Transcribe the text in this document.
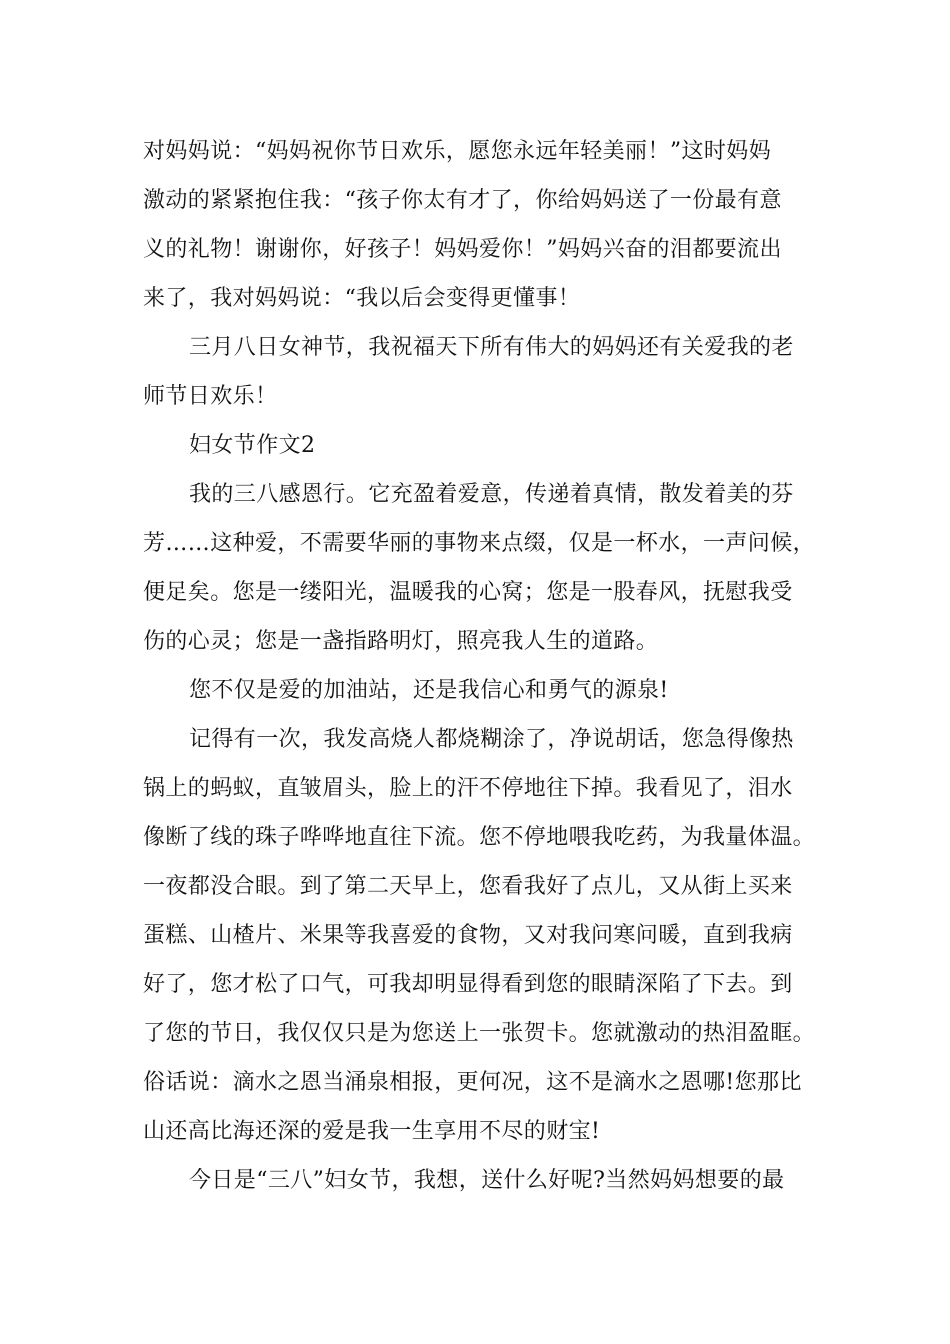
对妈妈说：“妈妈祝你节日欢乐，愿您永远年轻美丽！”这时妈妈
激动的紧紧抱住我：“孩子你太有才了，你给妈妈送了一份最有意
义的礼物！谢谢你，好孩子！妈妈爱你！”妈妈兴奋的泪都要流出
来了，我对妈妈说：“我以后会变得更懂事！
三月八日女神节，我祝福天下所有伟大的妈妈还有关爱我的老
师节日欢乐！
妇女节作文2
我的三八感恩行。它充盈着爱意，传递着真情，散发着美的芬
芳……这种爱，不需要华丽的事物来点缀，仅是一杯水，一声问候，
便足矣。您是一缕阳光，温暖我的心窝；您是一股春风，抚慰我受
伤的心灵；您是一盏指路明灯，照亮我人生的道路。
您不仅是爱的加油站，还是我信心和勇气的源泉!
记得有一次，我发高烧人都烧糊涂了，净说胡话，您急得像热
锅上的蚂蚁，直皱眉头，脸上的汗不停地往下掉。我看见了，泪水
像断了线的珠子哗哗地直往下流。您不停地喂我吃药，为我量体温。
一夜都没合眼。到了第二天早上，您看我好了点儿，又从街上买来
蛋糕、山楂片、米果等我喜爱的食物，又对我问寒问暖，直到我病
好了，您才松了口气，可我却明显得看到您的眼睛深陷了下去。到
了您的节日，我仅仅只是为您送上一张贺卡。您就激动的热泪盈眶。
俗话说：滴水之恩当涌泉相报，更何况，这不是滴水之恩哪!您那比
山还高比海还深的爱是我一生享用不尽的财宝!
今日是“三八”妇女节，我想，送什么好呢?当然妈妈想要的最
